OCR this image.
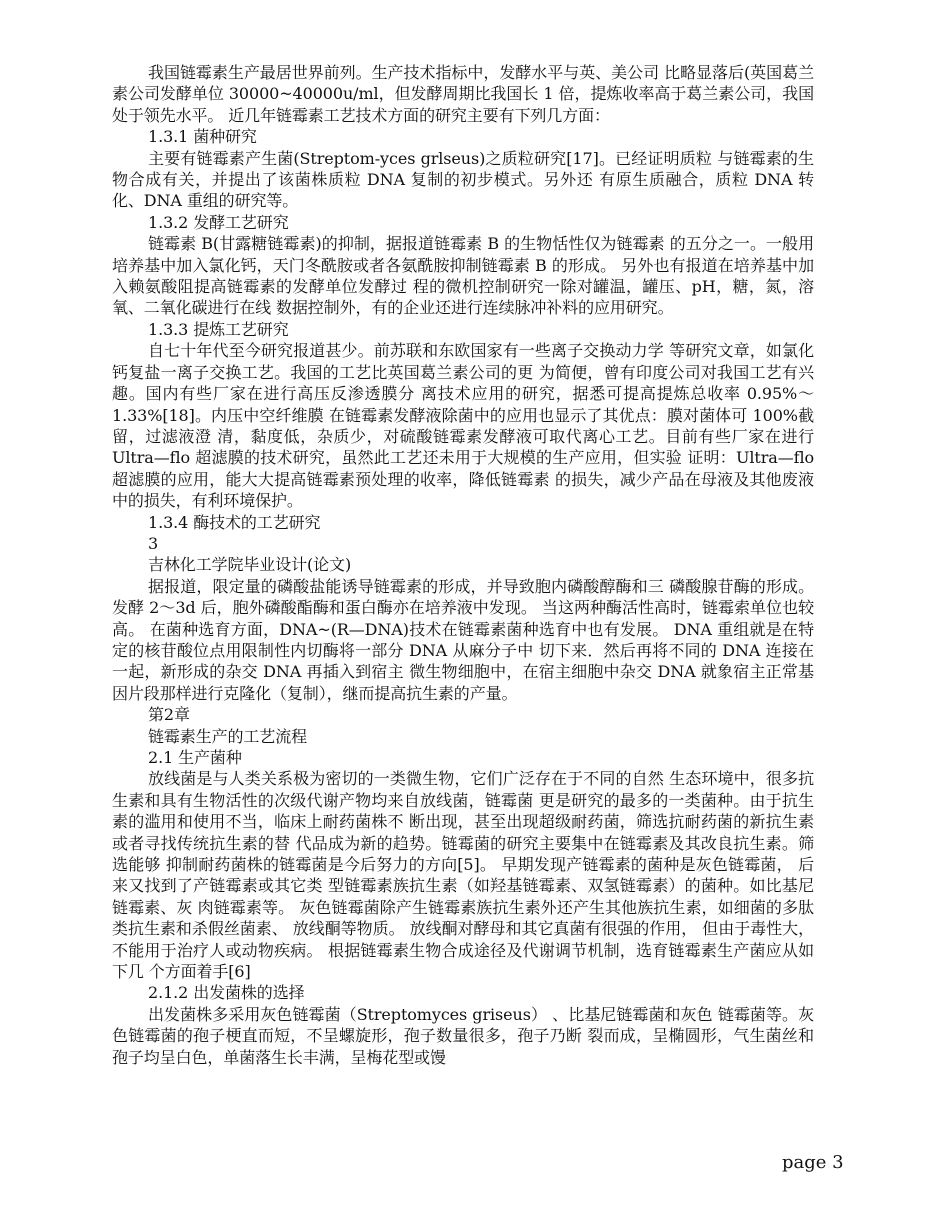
我国链霉素生产最居世界前列。生产技术指标中，发酵水平与英、美公司 比略显落后(英国葛兰素公司发酵单位 30000~40000u/ml，但发酵周期比我国长 1 倍，提炼收率高于葛兰素公司，我国处于领先水平。 近几年链霉素工艺技术方面的研究主要有下列几方面：

1.3.1 菌种研究

主要有链霉素产生菌(Streptom-yces grlseus)之质粒研究[17]。已经证明质粒 与链霉素的生物合成有关，并提出了该菌株质粒 DNA 复制的初步模式。另外还 有原生质融合，质粒 DNA 转化、DNA 重组的研究等。

1.3.2 发酵工艺研究

链霉素 B(甘露糖链霉素)的抑制，据报道链霉素 B 的生物恬性仅为链霉素 的五分之一。一般用培养基中加入氯化钙，天门冬酰胺或者各氨酰胺抑制链霉素 B 的形成。 另外也有报道在培养基中加入赖氨酸阻提高链霉素的发酵单位发酵过 程的微机控制研究一除对罐温，罐压、pH，糖，氮，溶氧、二氧化碳进行在线 数据控制外，有的企业还进行连续脉冲补料的应用研究。

1.3.3 提炼工艺研究

自七十年代至今研究报道甚少。前苏联和东欧国家有一些离子交换动力学 等研究文章，如氯化钙复盐一离子交换工艺。我国的工艺比英国葛兰素公司的更 为简便，曾有印度公司对我国工艺有兴趣。国内有些厂家在进行高压反渗透膜分 离技术应用的研究，据悉可提高提炼总收率 0.95%～1.33%[18]。内压中空纤维膜 在链霉素发酵液除菌中的应用也显示了其优点：膜对菌体可 100%截留，过滤液澄 清，黏度低，杂质少，对硫酸链霉素发酵液可取代离心工艺。目前有些厂家在进行 Ultra—flo 超滤膜的技术研究，虽然此工艺还未用于大规模的生产应用，但实验 证明：Ultra—flo 超滤膜的应用，能大大提高链霉素预处理的收率，降低链霉素 的损失，减少产品在母液及其他废液中的损失，有利环境保护。

1.3.4 酶技术的工艺研究

3

吉林化工学院毕业设计(论文)

据报道，限定量的磷酸盐能诱导链霉素的形成，并导致胞内磷酸醇酶和三 磷酸腺苷酶的形成。发酵 2～3d 后，胞外磷酸酯酶和蛋白酶亦在培养液中发现。 当这两种酶活性高时，链霉索单位也较高。 在菌种选育方面，DNA~(R—DNA)技术在链霉素菌种选育中也有发展。 DNA 重组就是在特定的核苷酸位点用限制性内切酶将一部分 DNA 从麻分子中 切下来．然后再将不同的 DNA 连接在一起，新形成的杂交 DNA 再插入到宿主 微生物细胞中，在宿主细胞中杂交 DNA 就象宿主正常基因片段那样进行克隆化（复制），继而提高抗生素的产量。

第2章

链霉素生产的工艺流程

2.1 生产菌种

放线菌是与人类关系极为密切的一类微生物，它们广泛存在于不同的自然 生态环境中，很多抗生素和具有生物活性的次级代谢产物均来自放线菌，链霉菌 更是研究的最多的一类菌种。由于抗生素的滥用和使用不当，临床上耐药菌株不 断出现，甚至出现超级耐药菌，筛选抗耐药菌的新抗生素或者寻找传统抗生素的替 代品成为新的趋势。链霉菌的研究主要集中在链霉素及其改良抗生素。筛选能够 抑制耐药菌株的链霉菌是今后努力的方向[5]。 早期发现产链霉素的菌种是灰色链霉菌， 后来又找到了产链霉素或其它类 型链霉素族抗生素（如羟基链霉素、双氢链霉素）的菌种。如比基尼链霉素、灰 肉链霉素等。 灰色链霉菌除产生链霉素族抗生素外还产生其他族抗生素，如细菌的多肽 类抗生素和杀假丝菌素、 放线酮等物质。 放线酮对酵母和其它真菌有很强的作用， 但由于毒性大，不能用于治疗人或动物疾病。 根据链霉素生物合成途径及代谢调节机制，选育链霉素生产菌应从如下几 个方面着手[6]

2.1.2 出发菌株的选择

出发菌株多采用灰色链霉菌（Streptomyces griseus） 、比基尼链霉菌和灰色 链霉菌等。灰色链霉菌的孢子梗直而短，不呈螺旋形，孢子数量很多，孢子乃断 裂而成，呈椭圆形，气生菌丝和孢子均呈白色，单菌落生长丰满，呈梅花型或馒

page 3
